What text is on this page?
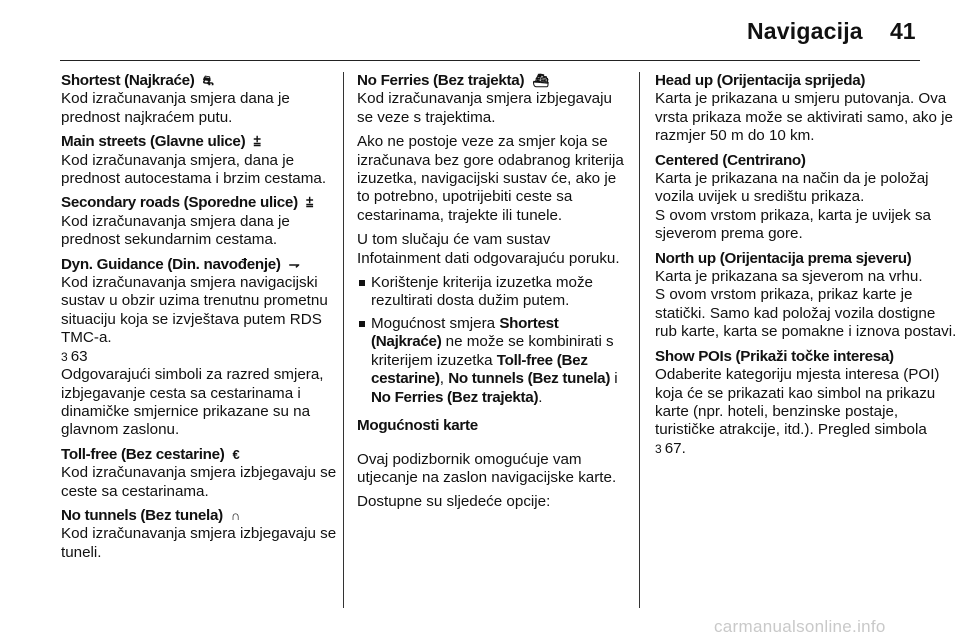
Navigacija 41

Shortest (Najkraće) ⛐

Kod izračunavanja smjera dana je prednost najkraćem putu.

Main streets (Glavne ulice) ⩲

Kod izračunavanja smjera, dana je prednost autocestama i brzim cestama.

Secondary roads (Sporedne ulice) ⩲

Kod izračunavanja smjera dana je prednost sekundarnim cestama.

Dyn. Guidance (Din. navođenje) ⇁

Kod izračunavanja smjera navigacijski sustav u obzir uzima trenutnu prometnu situaciju koja se izvještava putem RDS TMC-a.

3 63

Odgovarajući simboli za razred smjera, izbjegavanje cesta sa cestarinama i dinamičke smjernice prikazane su na glavnom zaslonu.

Toll-free (Bez cestarine) €

Kod izračunavanja smjera izbjegavaju se ceste sa cestarinama.

No tunnels (Bez tunela) ∩

Kod izračunavanja smjera izbjegavaju se tuneli.

No Ferries (Bez trajekta) ⛴

Kod izračunavanja smjera izbjegavaju se veze s trajektima.

Ako ne postoje veze za smjer koja se izračunava bez gore odabranog kriterija izuzetka, navigacijski sustav će, ako je to potrebno, upotrijebiti ceste sa cestarinama, trajekte ili tunele.

U tom slučaju će vam sustav Infotainment dati odgovarajuću poruku.

Korištenje kriterija izuzetka može rezultirati dosta dužim putem.
Mogućnost smjera Shortest (Najkraće) ne može se kombinirati s kriterijem izuzetka Toll-free (Bez cestarine), No tunnels (Bez tunela) i No Ferries (Bez trajekta).

Mogućnosti karte

Ovaj podizbornik omogućuje vam utjecanje na zaslon navigacijske karte.

Dostupne su sljedeće opcije:

Head up (Orijentacija sprijeda)

Karta je prikazana u smjeru putovanja. Ova vrsta prikaza može se aktivirati samo, ako je razmjer 50 m do 10 km.

Centered (Centrirano)

Karta je prikazana na način da je položaj vozila uvijek u središtu prikaza.

S ovom vrstom prikaza, karta je uvijek sa sjeverom prema gore.

North up (Orijentacija prema sjeveru)

Karta je prikazana sa sjeverom na vrhu.

S ovom vrstom prikaza, prikaz karte je statički. Samo kad položaj vozila dostigne rub karte, karta se pomakne i iznova postavi.

Show POIs (Prikaži točke interesa)

Odaberite kategoriju mjesta interesa (POI) koja će se prikazati kao simbol na prikazu karte (npr. hoteli, benzinske postaje, turističke atrakcije, itd.). Pregled simbola

3 67.

carmanualsonline.info
